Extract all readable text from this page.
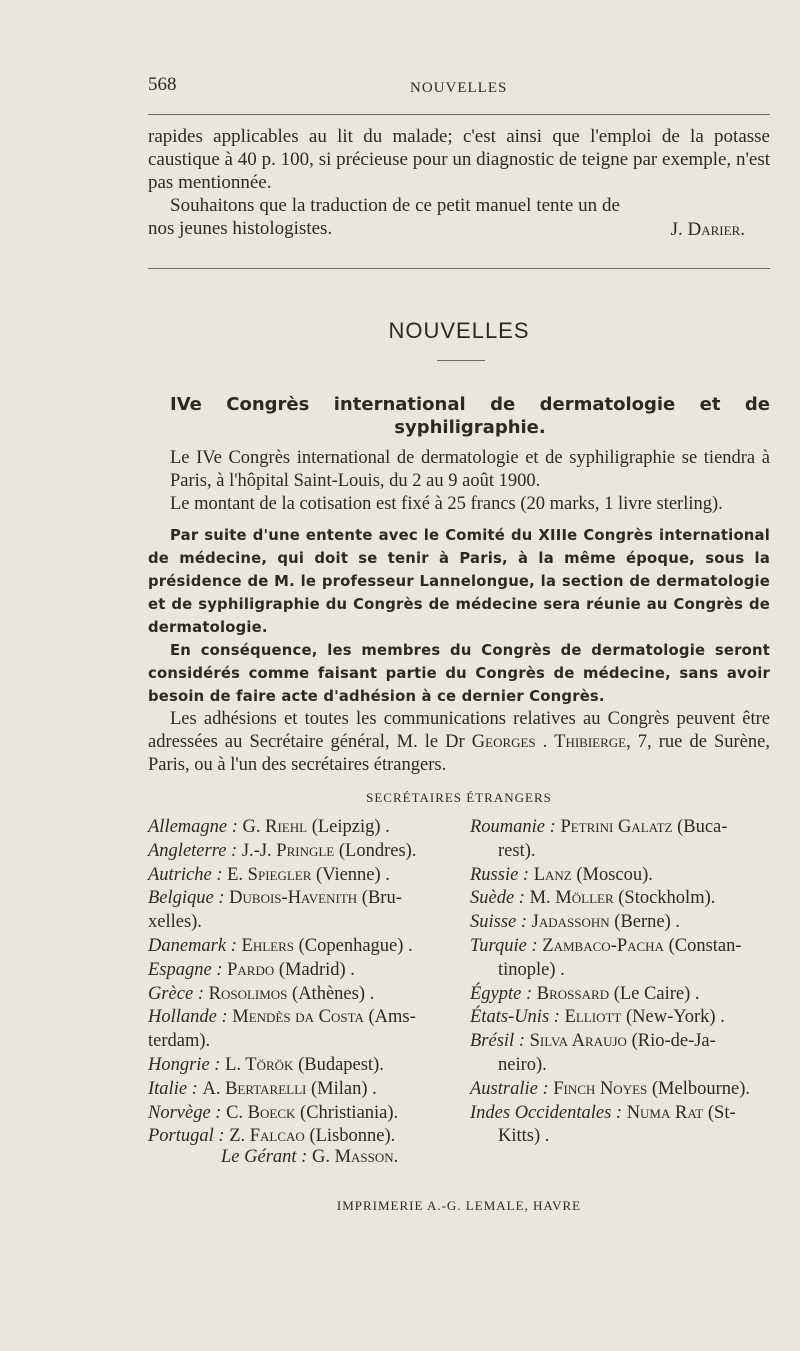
568	NOUVELLES
rapides applicables au lit du malade; c'est ainsi que l'emploi de la potasse caustique à 40 p. 100, si précieuse pour un diagnostic de teigne par exemple, n'est pas mentionnée.
Souhaitons que la traduction de ce petit manuel tente un de nos jeunes histologistes.	J. Darier.
NOUVELLES
IVe Congrès international de dermatologie et de syphiligraphie.

Le IVe Congrès international de dermatologie et de syphiligraphie se tiendra à Paris, à l'hôpital Saint-Louis, du 2 au 9 août 1900.

Le montant de la cotisation est fixé à 25 francs (20 marks, 1 livre sterling).

Par suite d'une entente avec le Comité du XIIIe Congrès international de médecine, qui doit se tenir à Paris, à la même époque, sous la présidence de M. le professeur Lannelongue, la section de dermatologie et de syphiligraphie du Congrès de médecine sera réunie au Congrès de dermatologie.

En conséquence, les membres du Congrès de dermatologie seront considérés comme faisant partie du Congrès de médecine, sans avoir besoin de faire acte d'adhésion à ce dernier Congrès.

Les adhésions et toutes les communications relatives au Congrès peuvent être adressées au Secrétaire général, M. le Dr Georges . Thibierge, 7, rue de Surène, Paris, ou à l'un des secrétaires étrangers.

SECRÉTAIRES ÉTRANGERS
Allemagne : G. Riehl (Leipzig) .
Angleterre : J.-J. Pringle (Londres).
Autriche : E. Spiegler (Vienne) .
Belgique : Dubois-Havenith (Bru-
xelles).
Danemark : Ehlers (Copenhague) .
Espagne : Pardo (Madrid) .
Grèce : Rosolimos (Athènes) .
Hollande : Mendès da Costa (Ams-
terdam).
Hongrie : L. Török (Budapest).
Italie : A. Bertarelli (Milan) .
Norvège : C. Boeck (Christiania).
Portugal : Z. Falcao (Lisbonne).
Roumanie : Petrini Galatz (Buca-
rest).
Russie : Lanz (Moscou).
Suède : M. Möller (Stockholm).
Suisse : Jadassohn (Berne) .
Turquie : Zambaco-Pacha (Constan-
tinople) .
Égypte : Brossard (Le Caire) .
États-Unis : Elliott (New-York) .
Brésil : Silva Araujo (Rio-de-Ja-
neiro).
Australie : Finch Noyes (Melbourne).
Indes Occidentales : Numa Rat (St-
Kitts) .
Le Gérant : G. Masson.
IMPRIMERIE A.-G. LEMALE, HAVRE
